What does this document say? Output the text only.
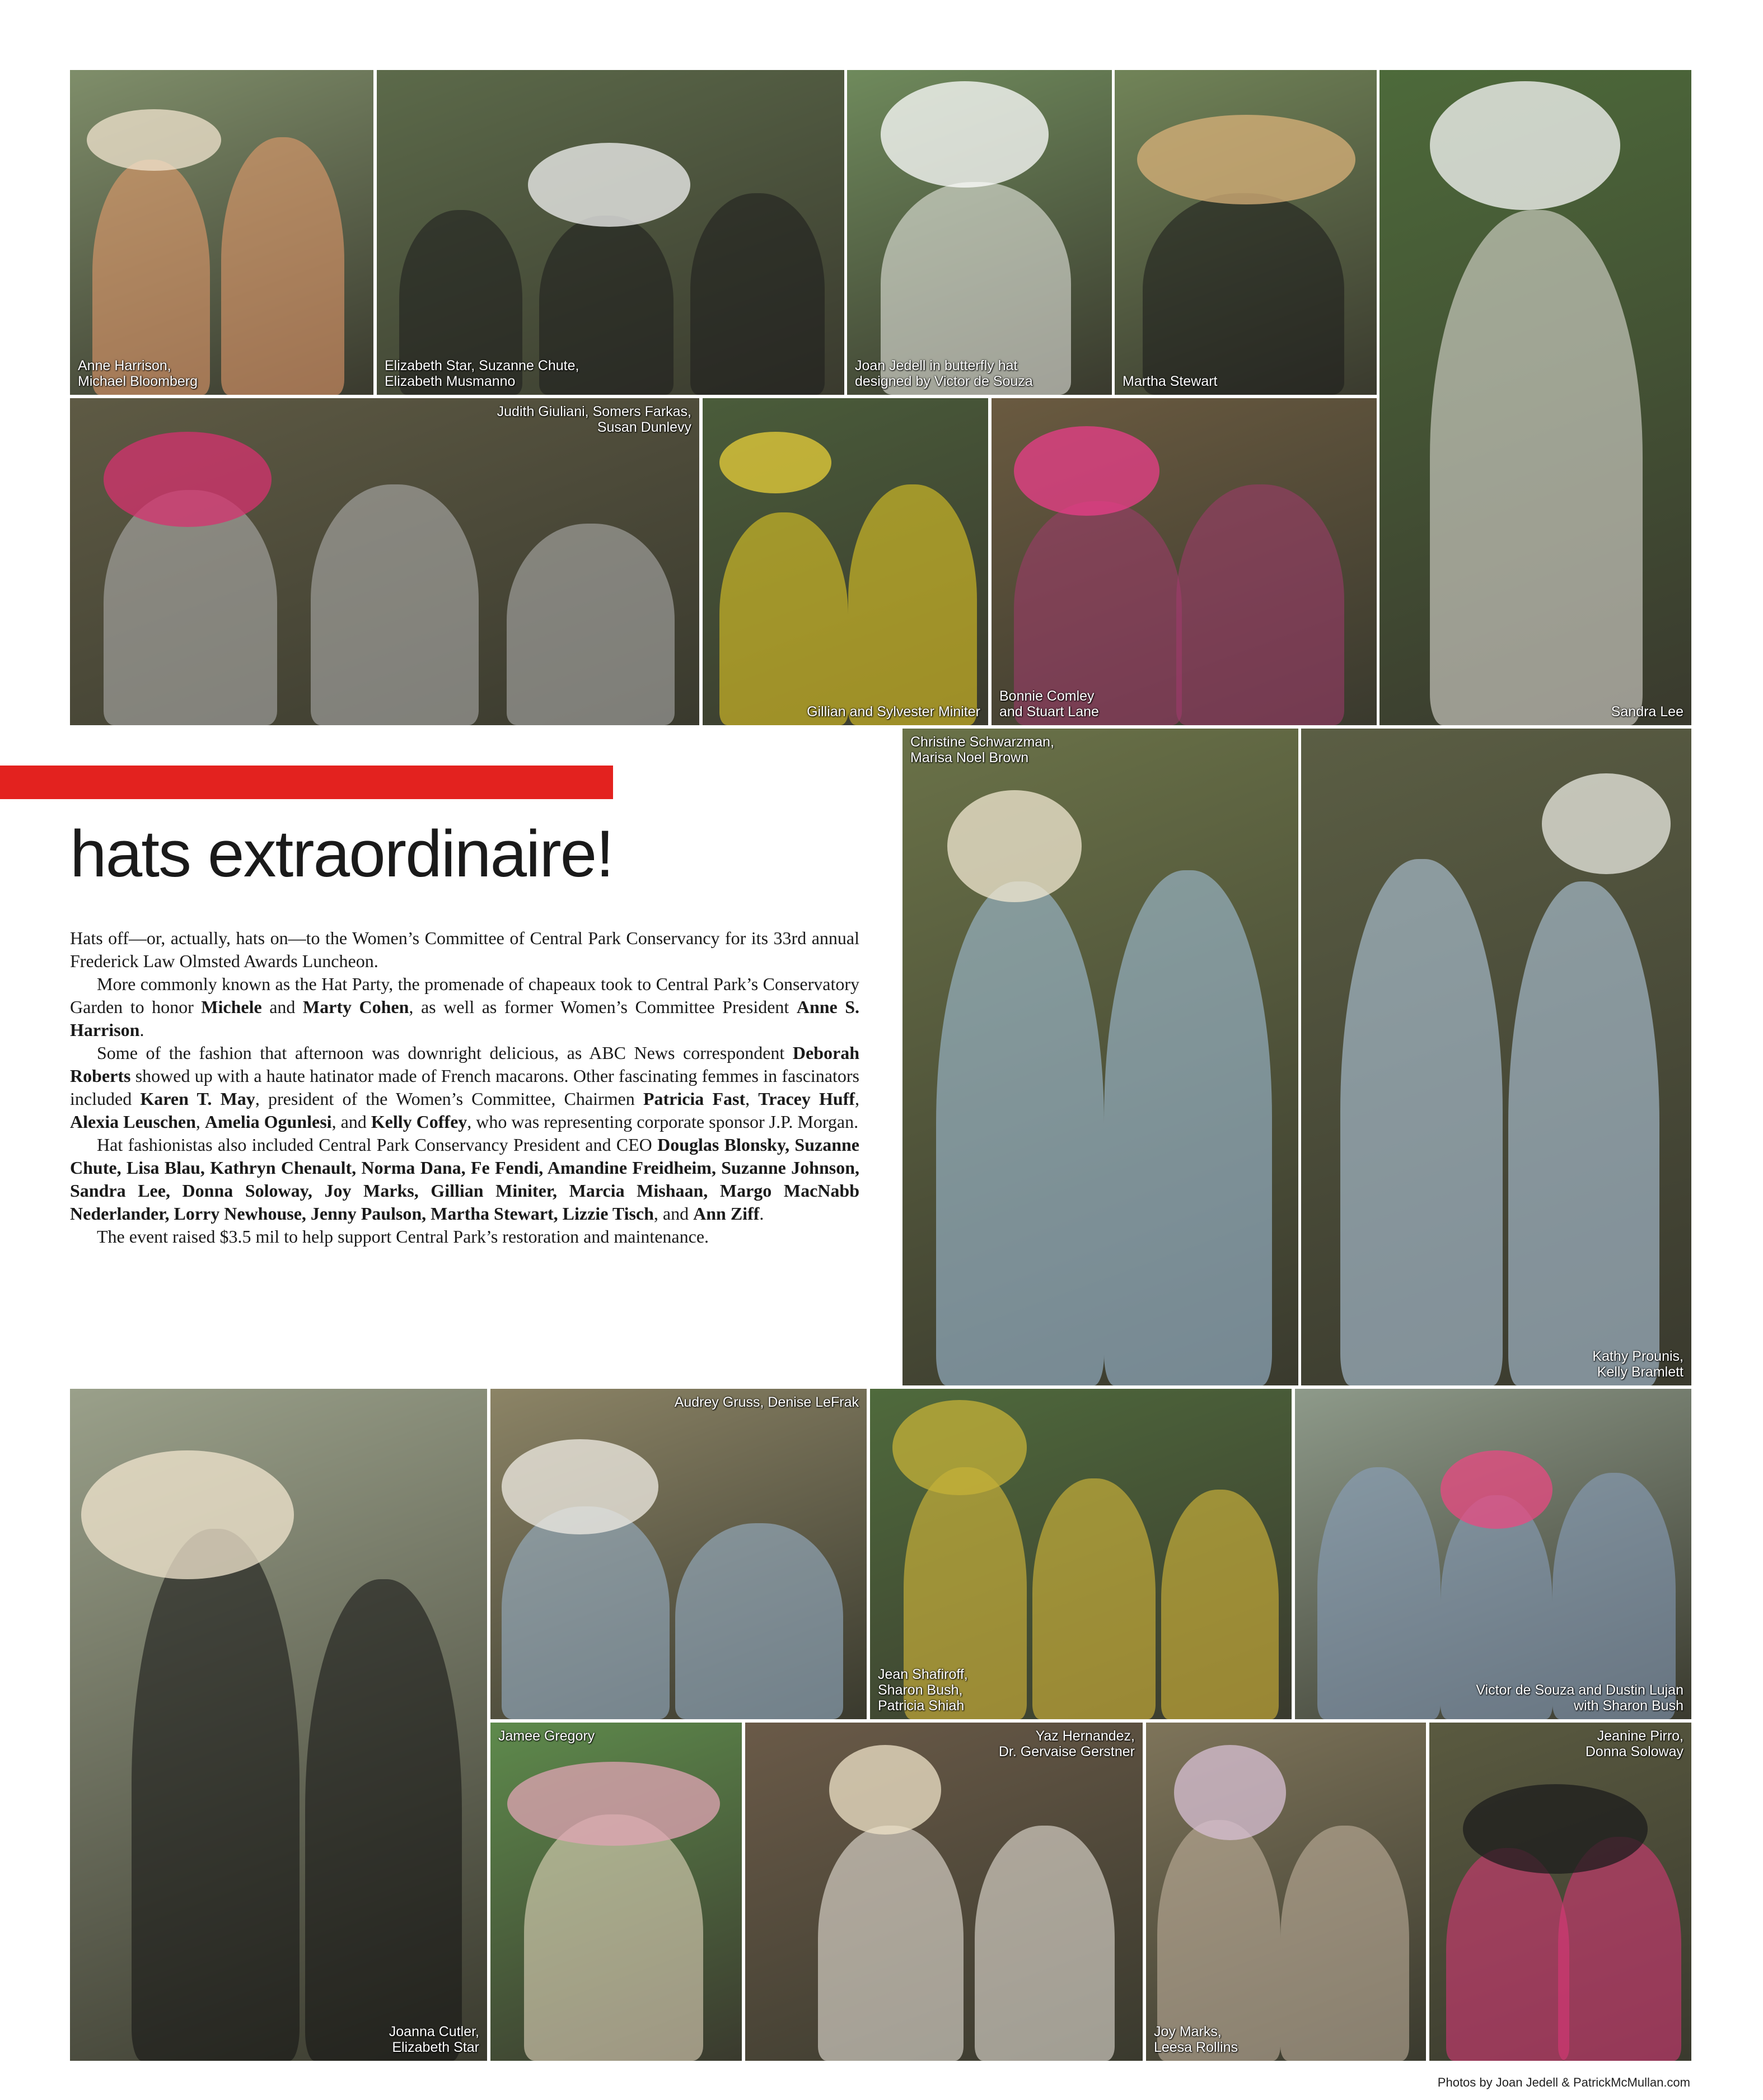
Anne Harrison,
Michael Bloomberg
Elizabeth Star, Suzanne Chute,
Elizabeth Musmanno
Joan Jedell in butterfly hat
designed by Victor de Souza	Martha Stewart
Sandra Lee
Judith Giuliani, Somers Farkas,
Susan Dunlevy
Gillian and Sylvester Miniter
Bonnie Comley
and Stuart Lane
Christine Schwarzman,
Marisa Noel Brown
Kathy Prounis,
Kelly Bramlett
hats extraordinaire!

Hats off—or, actually, hats on—to the Women’s Committee of Central Park Conservancy for its 33rd annual Frederick Law Olmsted Awards Luncheon.

More commonly known as the Hat Party, the promenade of chapeaux took to Central Park’s Conservatory Garden to honor Michele and Marty Cohen, as well as former Women’s Committee President Anne S. Harrison.

Some of the fashion that afternoon was downright delicious, as ABC News correspondent Deborah Roberts showed up with a haute hatinator made of French macarons. Other fascinating femmes in fascinators included Karen T. May, president of the Women’s Committee, Chairmen Patricia Fast, Tracey Huff, Alexia Leuschen, Amelia Ogunlesi, and Kelly Coffey, who was representing corporate sponsor J.P. Morgan.

Hat fashionistas also included Central Park Conservancy President and CEO Douglas Blonsky, Suzanne Chute, Lisa Blau, Kathryn Chenault, Norma Dana, Fe Fendi, Amandine Freidheim, Suzanne Johnson, Sandra Lee, Donna Soloway, Joy Marks, Gillian Miniter, Marcia Mishaan, Margo MacNabb Nederlander, Lorry Newhouse, Jenny Paulson, Martha Stewart, Lizzie Tisch, and Ann Ziff.

The event raised $3.5 mil to help support Central Park’s restoration and maintenance.

Joanna Cutler,
Elizabeth Star
Audrey Gruss, Denise LeFrak
Jean Shafiroff,
Sharon Bush,
Patricia Shiah
Victor de Souza and Dustin Lujan
with Sharon Bush
Jamee Gregory	Yaz Hernandez,
Dr. Gervaise Gerstner
Joy Marks,
Leesa Rollins
Jeanine Pirro,
Donna Soloway
Photos by Joan Jedell & PatrickMcMullan.com
